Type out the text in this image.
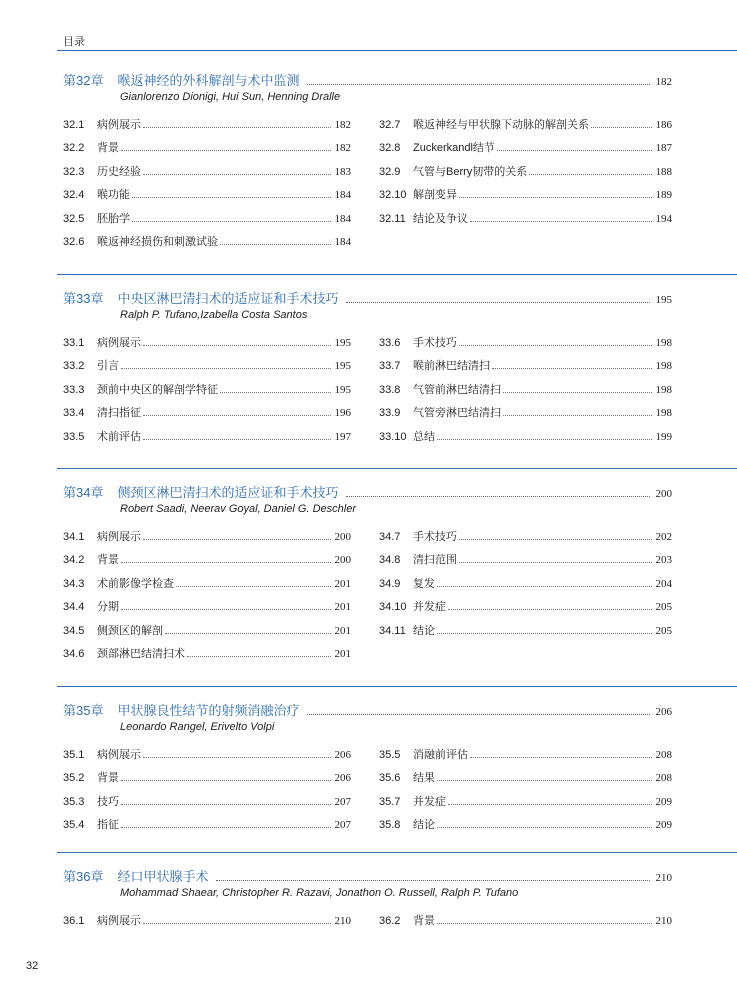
目录
第32章 喉返神经的外科解剖与术中监测	182
Gianlorenzo Dionigi, Hui Sun, Henning Dralle
32.1	病例展示	182
32.2	背景	182
32.3	历史经验	183
32.4	喉功能	184
32.5	胚胎学	184
32.6	喉返神经损伤和刺激试验	184
32.7	喉返神经与甲状腺下动脉的解剖关系	186
32.8	Zuckerkandl结节	187
32.9	气管与Berry韧带的关系	188
32.10 解剖变异	189
32.11 结论及争议	194
第33章 中央区淋巴清扫术的适应证和手术技巧	195
Ralph P. Tufano,Izabella Costa Santos
33.1	病例展示	195
33.2	引言	195
33.3	颈前中央区的解剖学特征	195
33.4	清扫指征	196
33.5	术前评估	197
33.6	手术技巧	198
33.7	喉前淋巴结清扫	198
33.8	气管前淋巴结清扫	198
33.9	气管旁淋巴结清扫	198
33.10 总结	199
第34章 侧颈区淋巴清扫术的适应证和手术技巧	200
Robert Saadi, Neerav Goyal, Daniel G. Deschler
34.1	病例展示	200
34.2	背景	200
34.3	术前影像学检查	201
34.4	分期	201
34.5	侧颈区的解剖	201
34.6	颈部淋巴结清扫术	201
34.7	手术技巧	202
34.8	清扫范围	203
34.9	复发	204
34.10 并发症	205
34.11 结论	205
第35章 甲状腺良性结节的射频消融治疗	206
Leonardo Rangel, Erivelto Volpi
35.1	病例展示	206
35.2	背景	206
35.3	技巧	207
35.4	指征	207
35.5	消融前评估	208
35.6	结果	208
35.7	并发症	209
35.8	结论	209
第36章 经口甲状腺手术	210
Mohammad Shaear, Christopher R. Razavi, Jonathon O. Russell, Ralph P. Tufano
36.1	病例展示	210	36.2	背景	210
32
